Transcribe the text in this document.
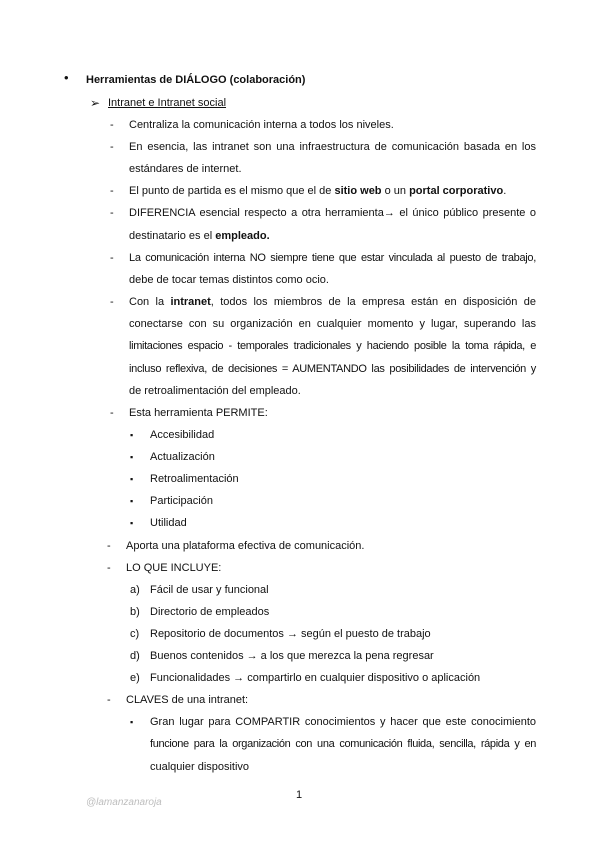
• Herramientas de DIÁLOGO (colaboración)
➢ Intranet e Intranet social
- Centraliza la comunicación interna a todos los niveles.
- En esencia, las intranet son una infraestructura de comunicación basada en los
estándares de internet.
- El punto de partida es el mismo que el de sitio web o un portal corporativo.
- DIFERENCIA esencial respecto a otra herramienta→ el único público presente o
destinatario es el empleado.
- La comunicación interna NO siempre tiene que estar vinculada al puesto de trabajo,
debe de tocar temas distintos como ocio.
- Con la intranet, todos los miembros de la empresa están en disposición de
conectarse con su organización en cualquier momento y lugar, superando las
limitaciones espacio - temporales tradicionales y haciendo posible la toma rápida, e
incluso reflexiva, de decisiones = AUMENTANDO las posibilidades de intervención y
de retroalimentación del empleado.
- Esta herramienta PERMITE:
▪ Accesibilidad
▪ Actualización
▪ Retroalimentación
▪ Participación
▪ Utilidad
- Aporta una plataforma efectiva de comunicación.
- LO QUE INCLUYE:
a) Fácil de usar y funcional
b) Directorio de empleados
c) Repositorio de documentos → según el puesto de trabajo
d) Buenos contenidos → a los que merezca la pena regresar
e) Funcionalidades → compartirlo en cualquier dispositivo o aplicación
- CLAVES de una intranet:
▪ Gran lugar para COMPARTIR conocimientos y hacer que este conocimiento
funcione para la organización con una comunicación fluida, sencilla, rápida y en
cualquier dispositivo
1
@lamanzanaroja
